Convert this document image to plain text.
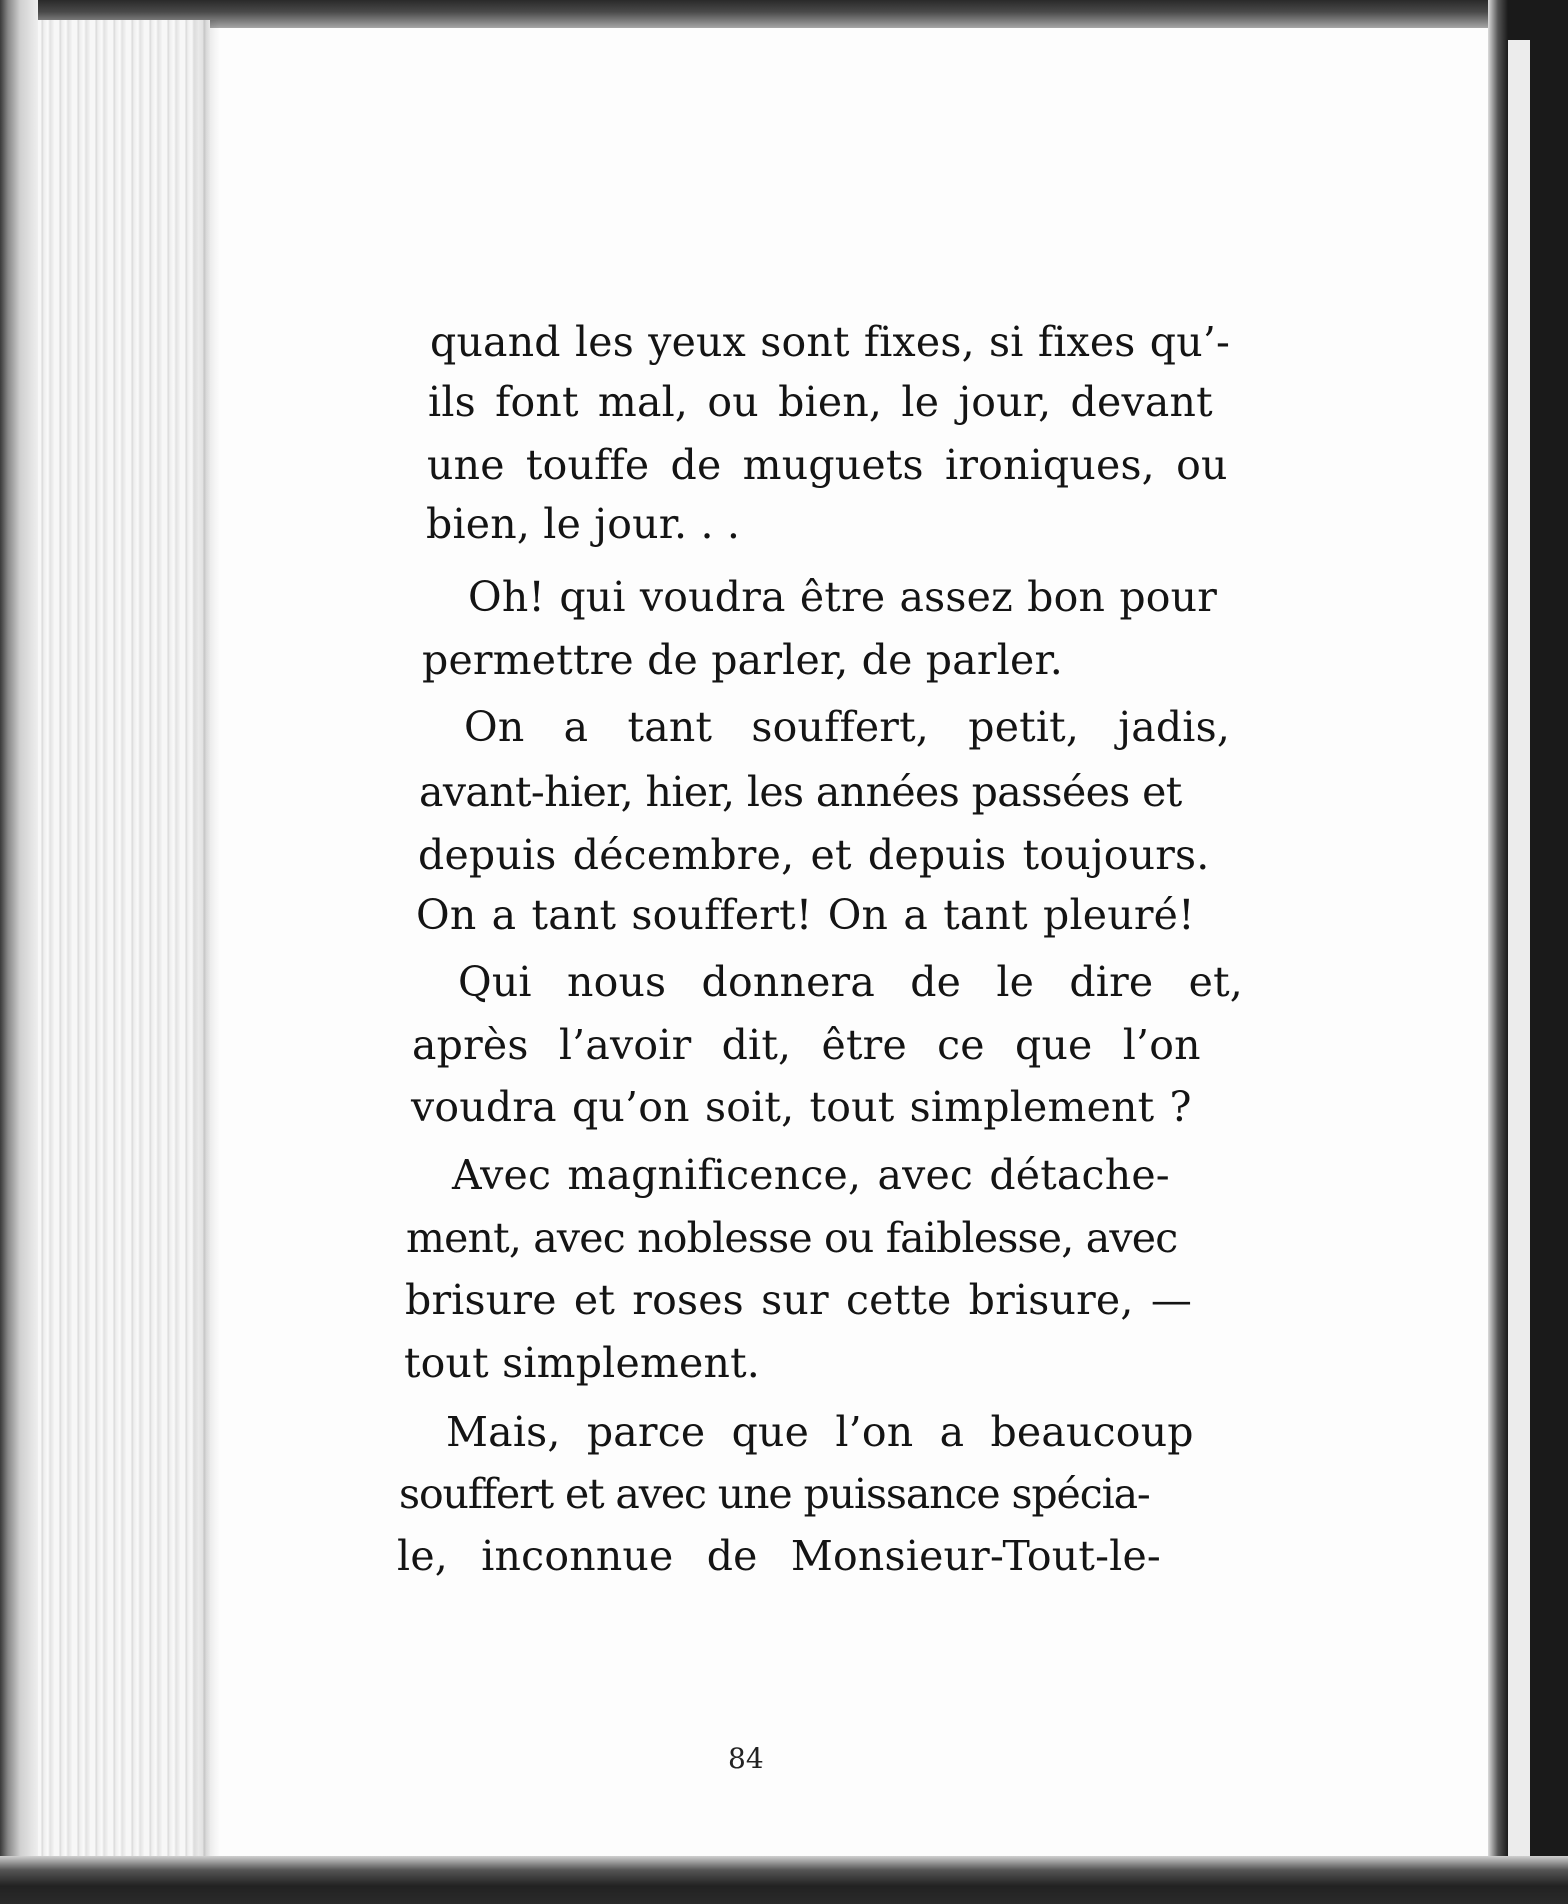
quand les yeux sont fixes, si fixes qu’-
ils font mal, ou bien, le jour, devant
une touffe de muguets ironiques, ou
bien, le jour. . .
Oh! qui voudra être assez bon pour
permettre de parler, de parler.
On a tant souffert, petit, jadis,
avant-hier, hier, les années passées et
depuis décembre, et depuis toujours.
On a tant souffert! On a tant pleuré!
Qui nous donnera de le dire et,
après l’avoir dit, être ce que l’on
voudra qu’on soit, tout simplement ?
Avec magnificence, avec détache-
ment, avec noblesse ou faiblesse, avec
brisure et roses sur cette brisure, —
tout simplement.
Mais, parce que l’on a beaucoup
souffert et avec une puissance spécia-
le, inconnue de Monsieur-Tout-le-
84
